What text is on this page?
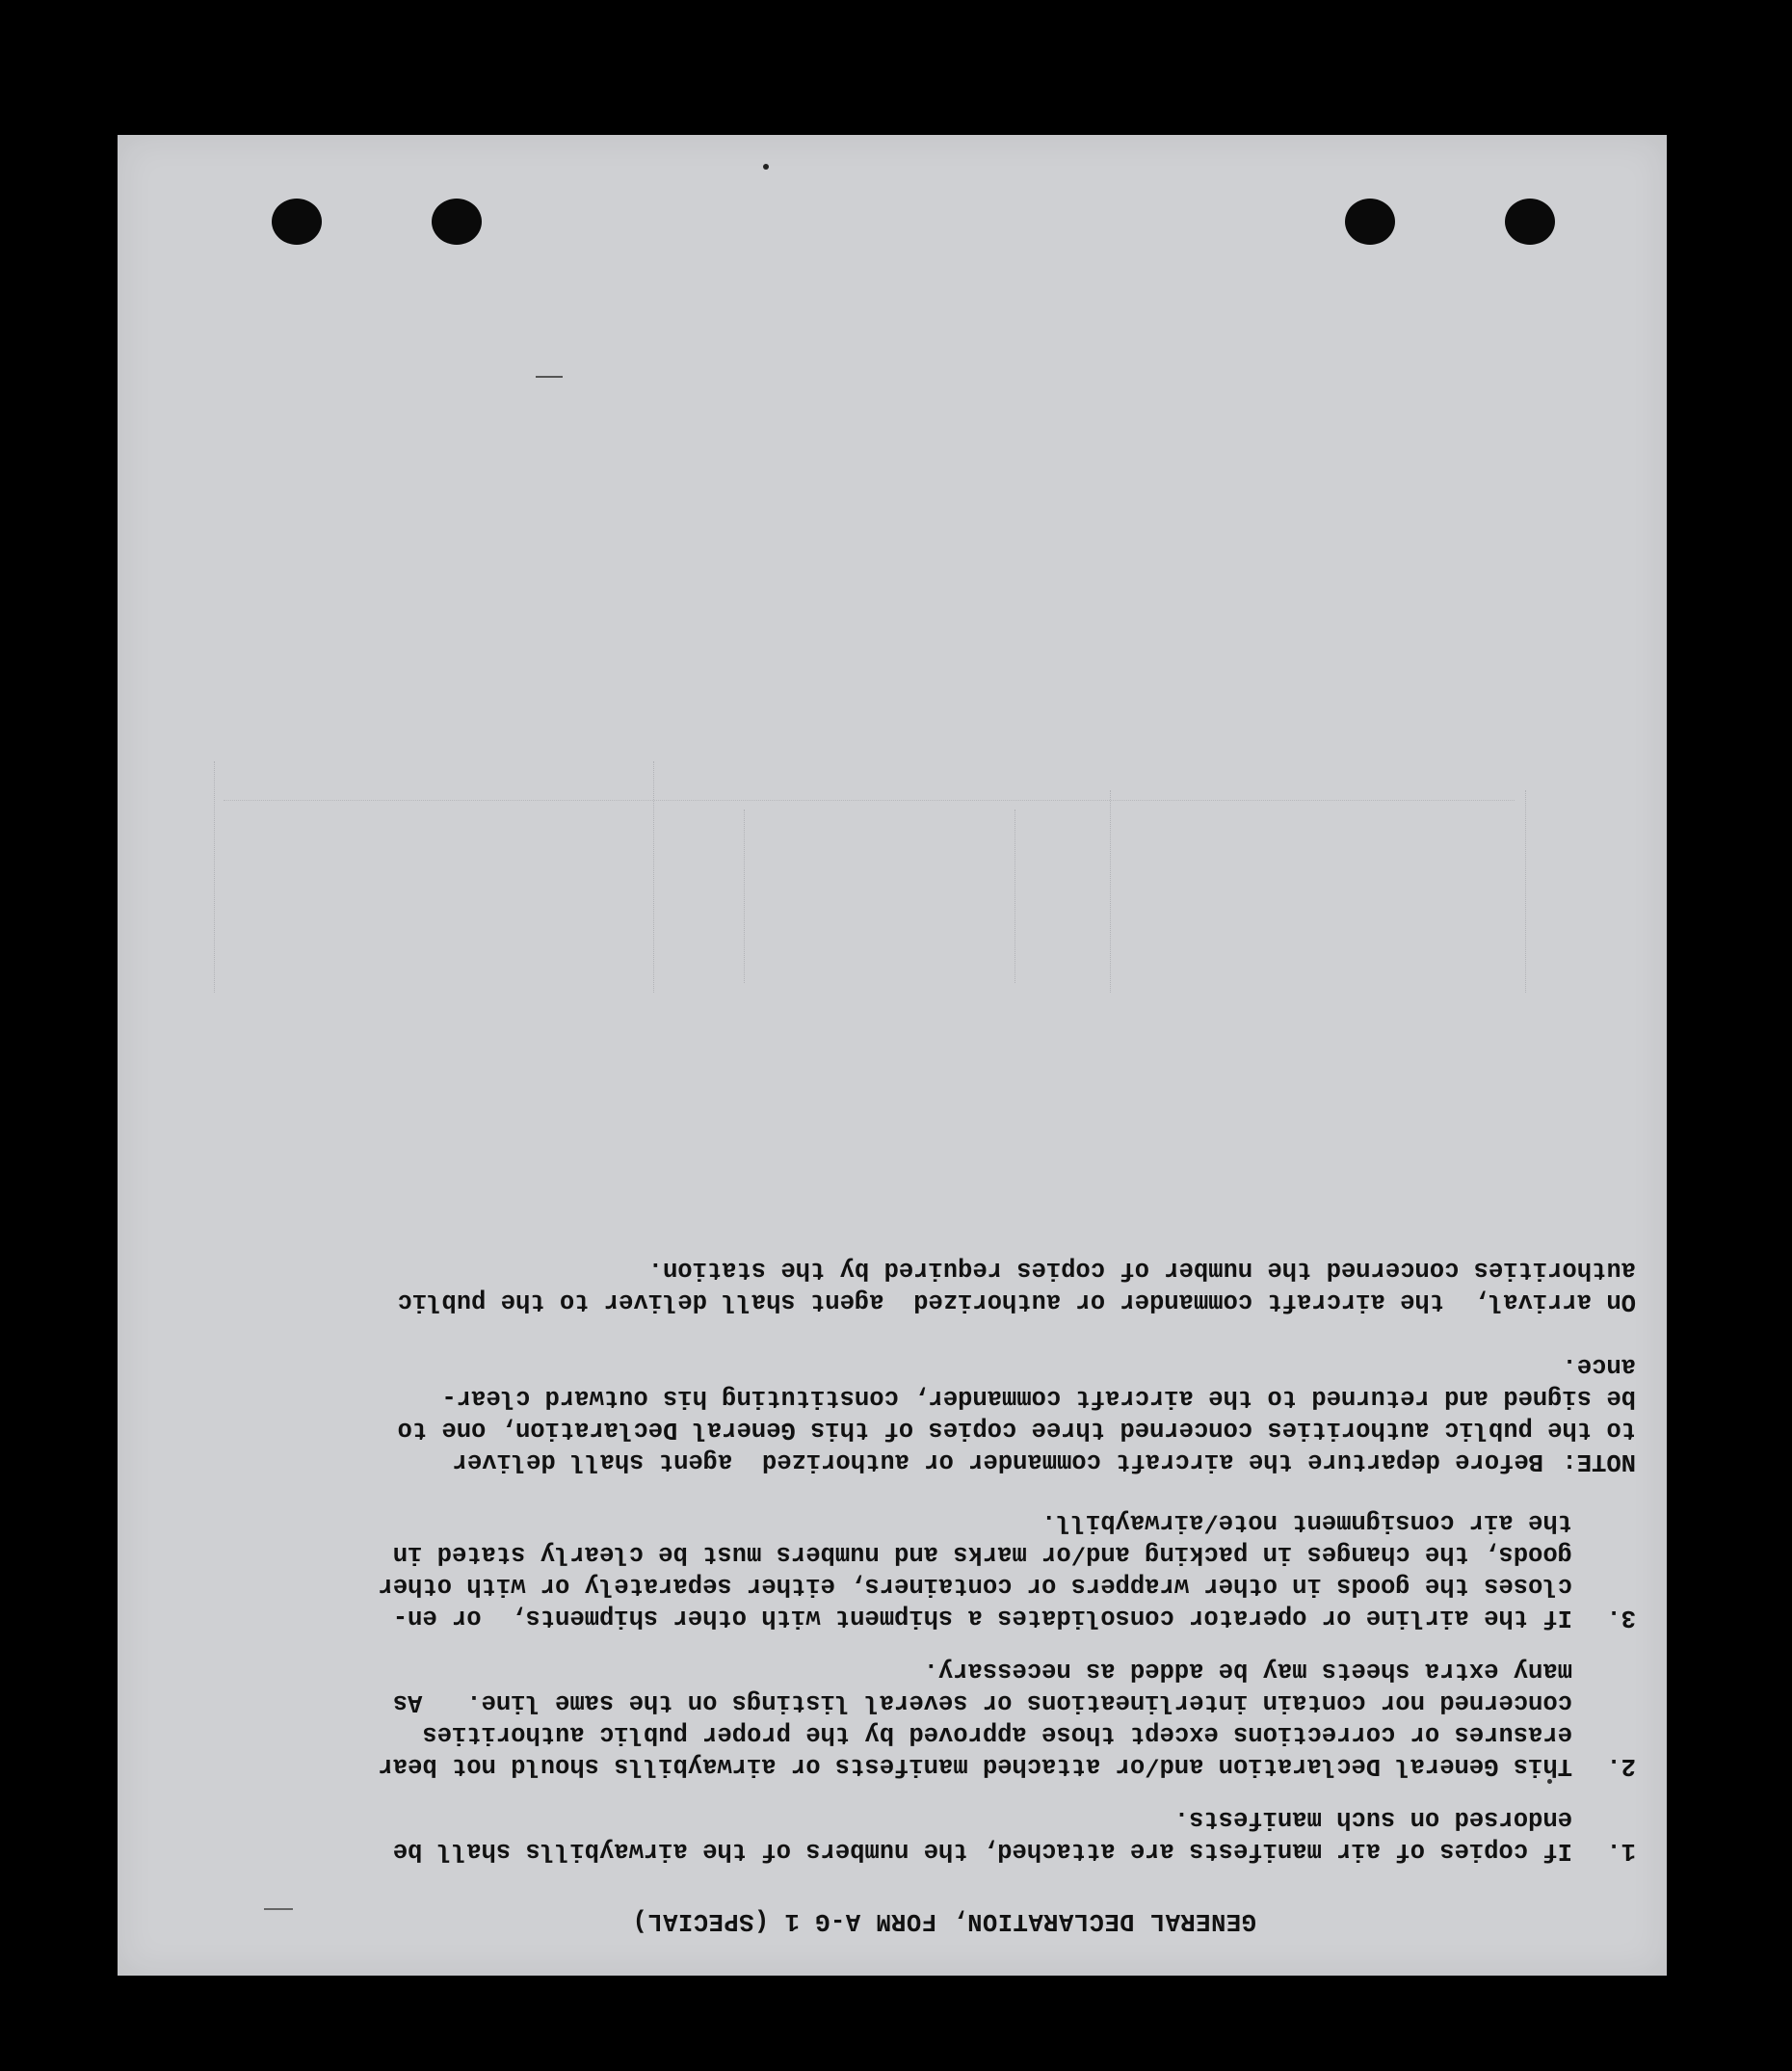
GENERAL DECLARATION, FORM A-G 1 (SPECIAL)
1.
If copies of air manifests are attached, the numbers of the airwaybills shall be
endorsed on such manifests.
2.
This General Declaration and/or attached manifests or airwaybills should not bear
erasures or corrections except those approved by the proper public authorities
concerned nor contain interlineations or several listings on the same line.   As
many extra sheets may be added as necessary.
3.
If the airline or operator consolidates a shipment with other shipments,  or en-
closes the goods in other wrappers or containers, either separately or with other
goods, the changes in packing and/or marks and numbers must be clearly stated in
the air consignment note/airwaybill.
NOTE:
Before departure the aircraft commander or authorized  agent shall deliver
to the public authorities concerned three copies of this General Declaration, one to
be signed and returned to the aircraft commander, constituting his outward clear-
ance.
On arrival,  the aircraft commander or authorized  agent shall deliver to the public
authorities concerned the number of copies required by the station.
